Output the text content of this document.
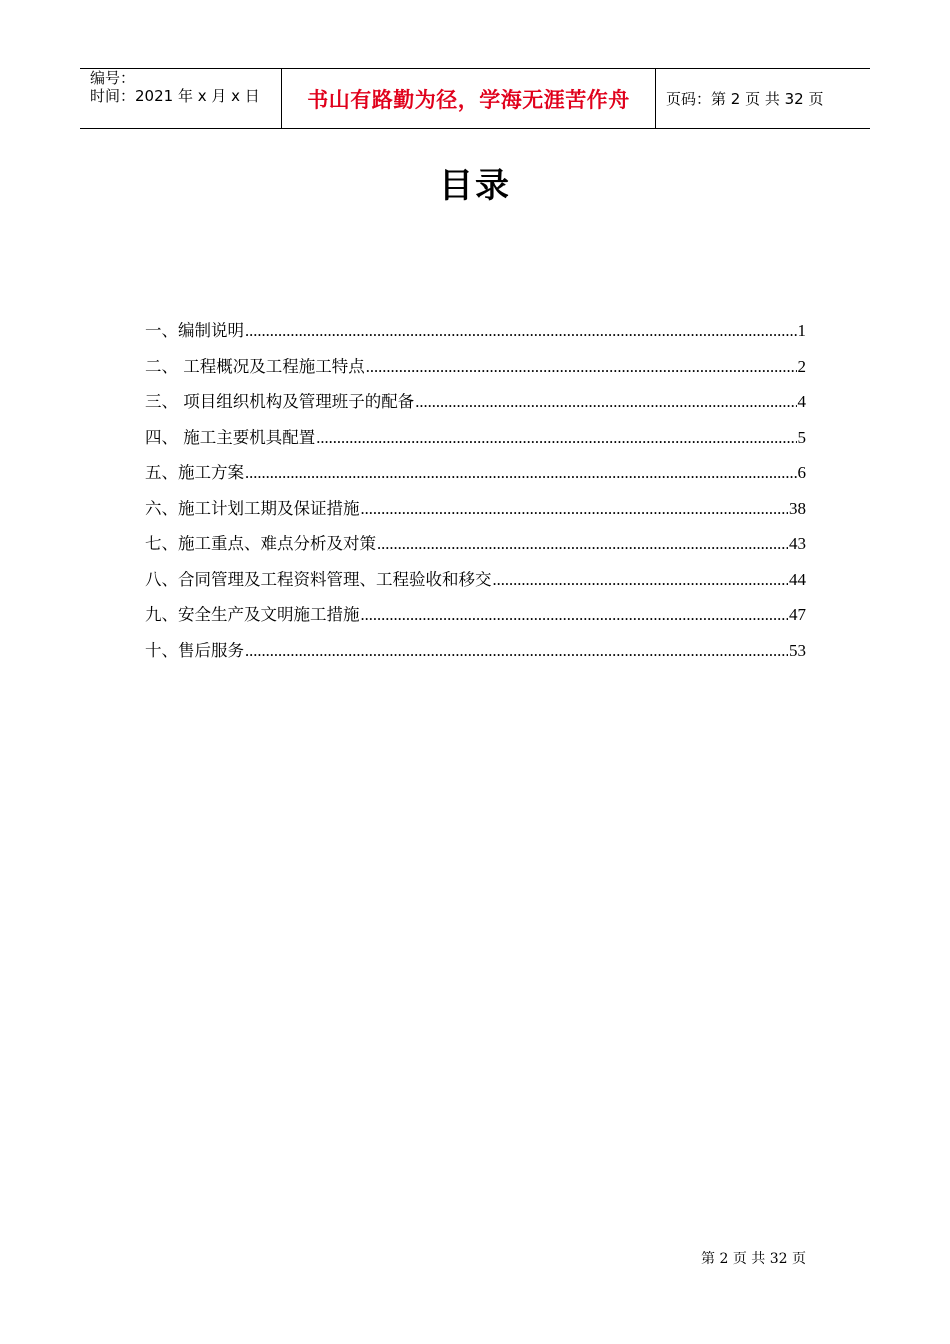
编号：
时间：2021 年 x 月 x 日	书山有路勤为径，学海无涯苦作舟	页码：第 2 页 共 32 页
目录
一、编制说明 .....	1
二、 工程概况及工程施工特点 .....	2
三、 项目组织机构及管理班子的配备 .....	4
四、 施工主要机具配置 .....	5
五、施工方案 .....	6
六、施工计划工期及保证措施 .....	38
七、施工重点、难点分析及对策 .....	43
八、合同管理及工程资料管理、工程验收和移交 .....	44
九、安全生产及文明施工措施 .....	47
十、售后服务 .....	53
第 2 页 共 32 页
